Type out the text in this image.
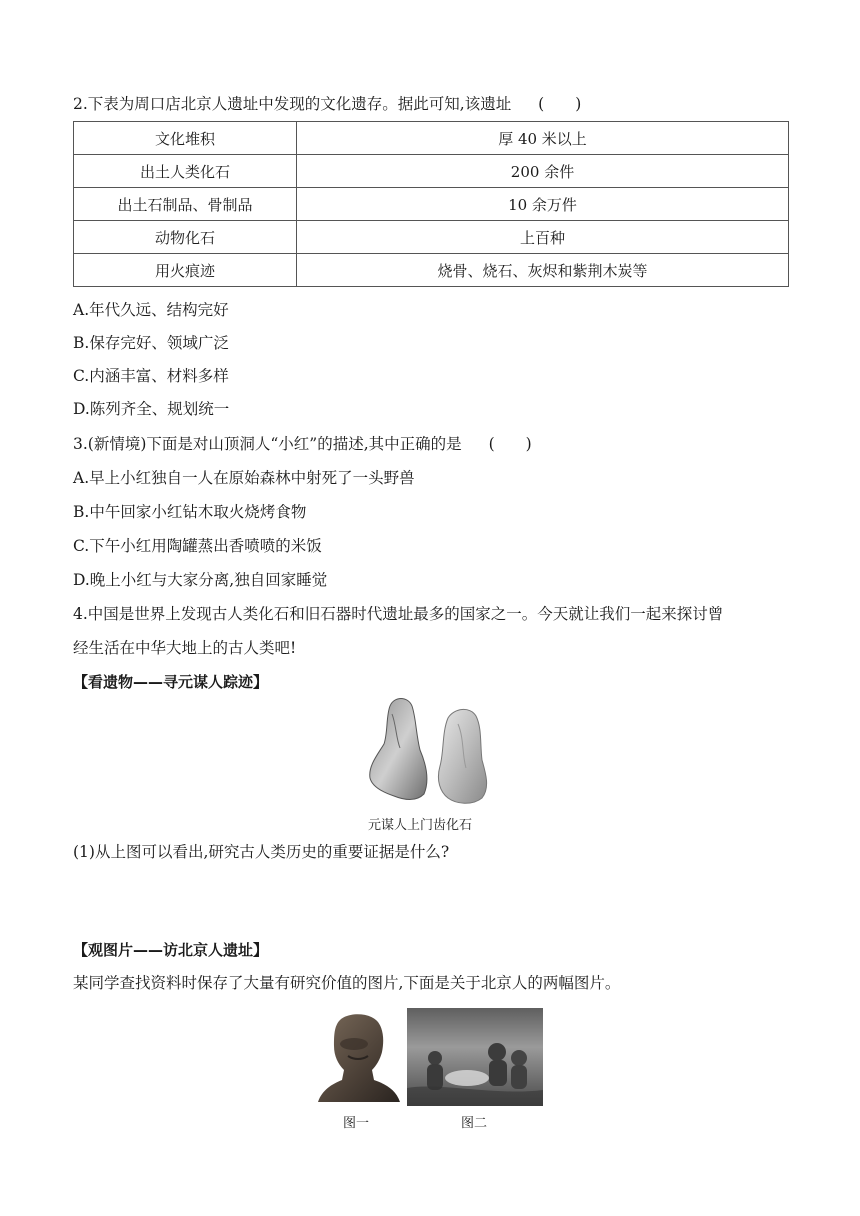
2.下表为周口店北京人遗址中发现的文化遗存。据此可知,该遗址 (　　)
文化堆积	厚 40 米以上
出土人类化石	200 余件
出土石制品、骨制品	10 余万件
动物化石	上百种
用火痕迹	烧骨、烧石、灰烬和紫荆木炭等
A.年代久远、结构完好
B.保存完好、领域广泛
C.内涵丰富、材料多样
D.陈列齐全、规划统一
3.(新情境)下面是对山顶洞人“小红”的描述,其中正确的是 (　　)
A.早上小红独自一人在原始森林中射死了一头野兽
B.中午回家小红钻木取火烧烤食物
C.下午小红用陶罐蒸出香喷喷的米饭
D.晚上小红与大家分离,独自回家睡觉
4.中国是世界上发现古人类化石和旧石器时代遗址最多的国家之一。今天就让我们一起来探讨曾
经生活在中华大地上的古人类吧!
【看遗物——寻元谋人踪迹】
元谋人上门齿化石
(1)从上图可以看出,研究古人类历史的重要证据是什么?
【观图片——访北京人遗址】
某同学查找资料时保存了大量有研究价值的图片,下面是关于北京人的两幅图片。
图一	图二
